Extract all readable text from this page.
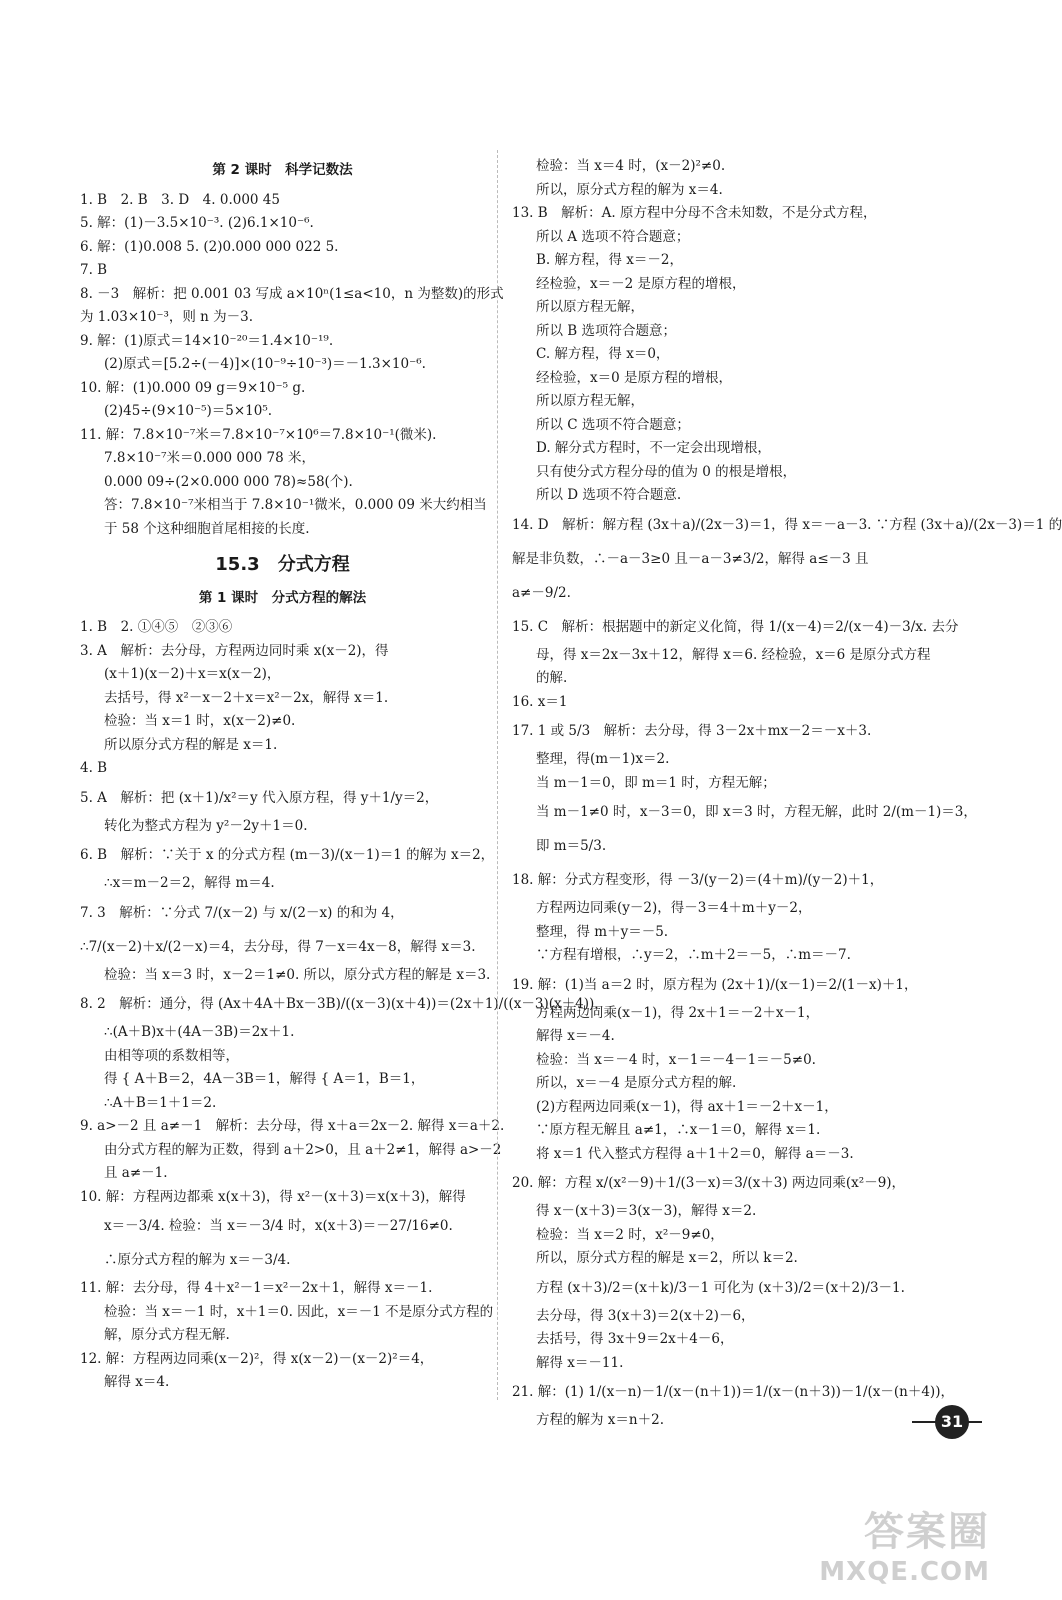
第 2 课时　科学记数法
1. B　2. B　3. D　4. 0.000 45
5. 解：(1)－3.5×10⁻³. (2)6.1×10⁻⁶.
6. 解：(1)0.008 5. (2)0.000 000 022 5.
7. B
8. －3　解析：把 0.001 03 写成 a×10ⁿ(1≤a<10，n 为整数)的形式
为 1.03×10⁻³，则 n 为－3.
9. 解：(1)原式＝14×10⁻²⁰＝1.4×10⁻¹⁹.
(2)原式＝[5.2÷(－4)]×(10⁻⁹÷10⁻³)＝－1.3×10⁻⁶.
10. 解：(1)0.000 09 g＝9×10⁻⁵ g.
(2)45÷(9×10⁻⁵)＝5×10⁵.
11. 解：7.8×10⁻⁷米＝7.8×10⁻⁷×10⁶＝7.8×10⁻¹(微米).
7.8×10⁻⁷米＝0.000 000 78 米，
0.000 09÷(2×0.000 000 78)≈58(个).
答：7.8×10⁻⁷米相当于 7.8×10⁻¹微米，0.000 09 米大约相当
于 58 个这种细胞首尾相接的长度.
15.3　分式方程
第 1 课时　分式方程的解法
1. B　2. ①④⑤　②③⑥
3. A　解析：去分母，方程两边同时乘 x(x－2)，得
(x＋1)(x－2)＋x＝x(x－2)，
去括号，得 x²－x－2＋x＝x²－2x，解得 x＝1.
检验：当 x＝1 时，x(x－2)≠0.
所以原分式方程的解是 x＝1.
4. B
5. A　解析：把 (x＋1)/x²＝y 代入原方程，得 y＋1/y＝2，
转化为整式方程为 y²－2y＋1＝0.
6. B　解析：∵关于 x 的分式方程 (m－3)/(x－1)＝1 的解为 x＝2，
∴x＝m－2＝2，解得 m＝4.
7. 3　解析：∵分式 7/(x－2) 与 x/(2－x) 的和为 4，
∴7/(x－2)＋x/(2－x)＝4，去分母，得 7－x＝4x－8，解得 x＝3.
检验：当 x＝3 时，x－2＝1≠0. 所以，原分式方程的解是 x＝3.
8. 2　解析：通分，得 (Ax＋4A＋Bx－3B)/((x－3)(x＋4))＝(2x＋1)/((x－3)(x＋4))，
∴(A＋B)x＋(4A－3B)＝2x＋1.
由相等项的系数相等，
得 { A＋B＝2，4A－3B＝1，解得 { A＝1，B＝1，
∴A＋B＝1＋1＝2.
9. a>－2 且 a≠－1　解析：去分母，得 x＋a＝2x－2. 解得 x＝a＋2.
由分式方程的解为正数，得到 a＋2>0，且 a＋2≠1，解得 a>－2
且 a≠－1.
10. 解：方程两边都乘 x(x＋3)，得 x²－(x＋3)＝x(x＋3)，解得
x＝－3/4. 检验：当 x＝－3/4 时，x(x＋3)＝－27/16≠0.
∴原分式方程的解为 x＝－3/4.
11. 解：去分母，得 4＋x²－1＝x²－2x＋1，解得 x＝－1.
检验：当 x＝－1 时，x＋1＝0. 因此，x＝－1 不是原分式方程的
解，原分式方程无解.
12. 解：方程两边同乘(x－2)²，得 x(x－2)－(x－2)²＝4，
解得 x＝4.
检验：当 x＝4 时，(x－2)²≠0.
所以，原分式方程的解为 x＝4.
13. B　解析：A. 原方程中分母不含未知数，不是分式方程，
所以 A 选项不符合题意；
B. 解方程，得 x＝－2，
经检验，x＝－2 是原方程的增根，
所以原方程无解，
所以 B 选项符合题意；
C. 解方程，得 x＝0，
经检验，x＝0 是原方程的增根，
所以原方程无解，
所以 C 选项不符合题意；
D. 解分式方程时，不一定会出现增根，
只有使分式方程分母的值为 0 的根是增根，
所以 D 选项不符合题意.
14. D　解析：解方程 (3x＋a)/(2x－3)＝1，得 x＝－a－3. ∵方程 (3x＋a)/(2x－3)＝1 的
解是非负数，∴－a－3≥0 且－a－3≠3/2，解得 a≤－3 且
a≠－9/2.
15. C　解析：根据题中的新定义化简，得 1/(x－4)＝2/(x－4)－3/x. 去分
母，得 x＝2x－3x＋12，解得 x＝6. 经检验，x＝6 是原分式方程
的解.
16. x＝1
17. 1 或 5/3　解析：去分母，得 3－2x＋mx－2＝－x＋3.
整理，得(m－1)x＝2.
当 m－1＝0，即 m＝1 时，方程无解；
当 m－1≠0 时，x－3＝0，即 x＝3 时，方程无解，此时 2/(m－1)＝3，
即 m＝5/3.
18. 解：分式方程变形，得 －3/(y－2)＝(4＋m)/(y－2)＋1，
方程两边同乘(y－2)，得－3＝4＋m＋y－2，
整理，得 m＋y＝－5.
∵方程有增根，∴y＝2，∴m＋2＝－5，∴m＝－7.
19. 解：(1)当 a＝2 时，原方程为 (2x＋1)/(x－1)＝2/(1－x)＋1，
方程两边同乘(x－1)，得 2x＋1＝－2＋x－1，
解得 x＝－4.
检验：当 x＝－4 时，x－1＝－4－1＝－5≠0.
所以，x＝－4 是原分式方程的解.
(2)方程两边同乘(x－1)，得 ax＋1＝－2＋x－1，
∵原方程无解且 a≠1，∴x－1＝0，解得 x＝1.
将 x＝1 代入整式方程得 a＋1＋2＝0，解得 a＝－3.
20. 解：方程 x/(x²－9)＋1/(3－x)＝3/(x＋3) 两边同乘(x²－9)，
得 x－(x＋3)＝3(x－3)，解得 x＝2.
检验：当 x＝2 时，x²－9≠0，
所以，原分式方程的解是 x＝2，所以 k＝2.
方程 (x＋3)/2＝(x＋k)/3－1 可化为 (x＋3)/2＝(x＋2)/3－1.
去分母，得 3(x＋3)＝2(x＋2)－6，
去括号，得 3x＋9＝2x＋4－6，
解得 x＝－11.
21. 解：(1) 1/(x－n)－1/(x－(n＋1))＝1/(x－(n＋3))－1/(x－(n＋4))，
方程的解为 x＝n＋2.	31
答案圈
MXQE.COM
